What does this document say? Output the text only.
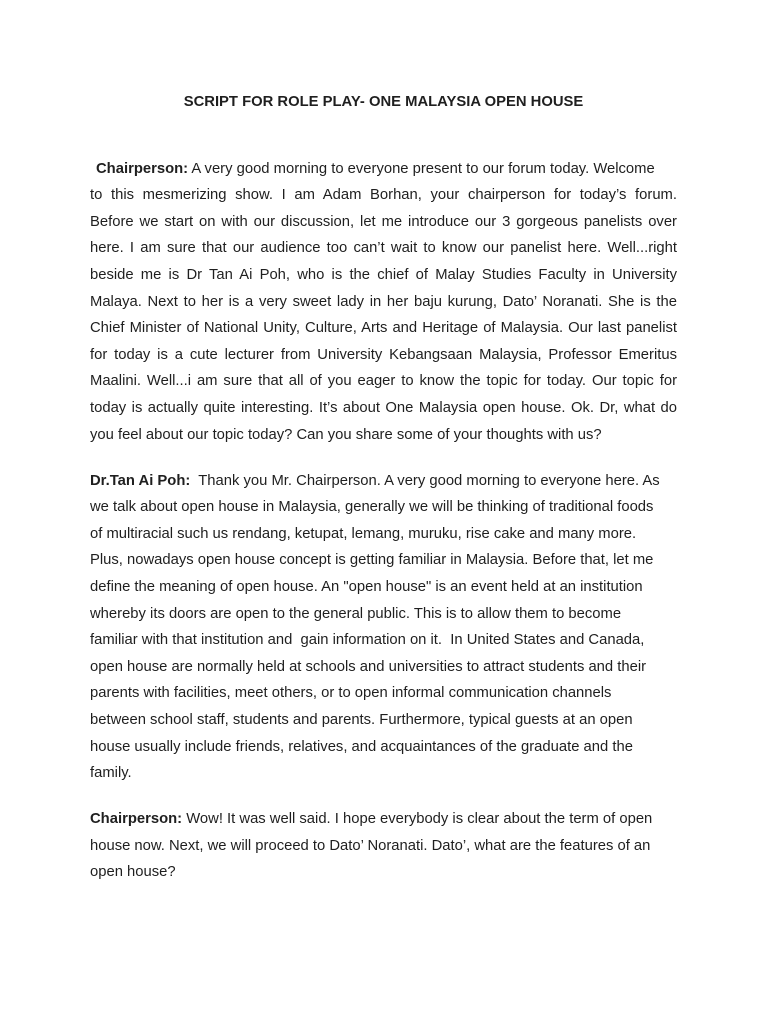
SCRIPT FOR ROLE PLAY- ONE MALAYSIA OPEN HOUSE
Chairperson: A very good morning to everyone present to our forum today. Welcome
to this mesmerizing show. I am Adam Borhan, your chairperson for today’s forum.
Before we start on with our discussion, let me introduce our 3 gorgeous panelists over
here. I am sure that our audience too can’t wait to know our panelist here. Well...right
beside me is Dr Tan Ai Poh, who is the chief of Malay Studies Faculty in University
Malaya. Next to her is a very sweet lady in her baju kurung, Dato’ Noranati. She is the
Chief Minister of National Unity, Culture, Arts and Heritage of Malaysia. Our last panelist
for today is a cute lecturer from University Kebangsaan Malaysia, Professor Emeritus
Maalini. Well...i am sure that all of you eager to know the topic for today. Our topic for
today is actually quite interesting. It’s about One Malaysia open house. Ok. Dr, what do
you feel about our topic today? Can you share some of your thoughts with us?
Dr.Tan Ai Poh: Thank you Mr. Chairperson. A very good morning to everyone here. As
we talk about open house in Malaysia, generally we will be thinking of traditional foods
of multiracial such us rendang, ketupat, lemang, muruku, rise cake and many more.
Plus, nowadays open house concept is getting familiar in Malaysia. Before that, let me
define the meaning of open house. An "open house" is an event held at an institution
whereby its doors are open to the general public. This is to allow them to become
familiar with that institution and  gain information on it.  In United States and Canada,
open house are normally held at schools and universities to attract students and their
parents with facilities, meet others, or to open informal communication channels
between school staff, students and parents. Furthermore, typical guests at an open
house usually include friends, relatives, and acquaintances of the graduate and the
family.
Chairperson: Wow! It was well said. I hope everybody is clear about the term of open
house now. Next, we will proceed to Dato’ Noranati. Dato’, what are the features of an
open house?
